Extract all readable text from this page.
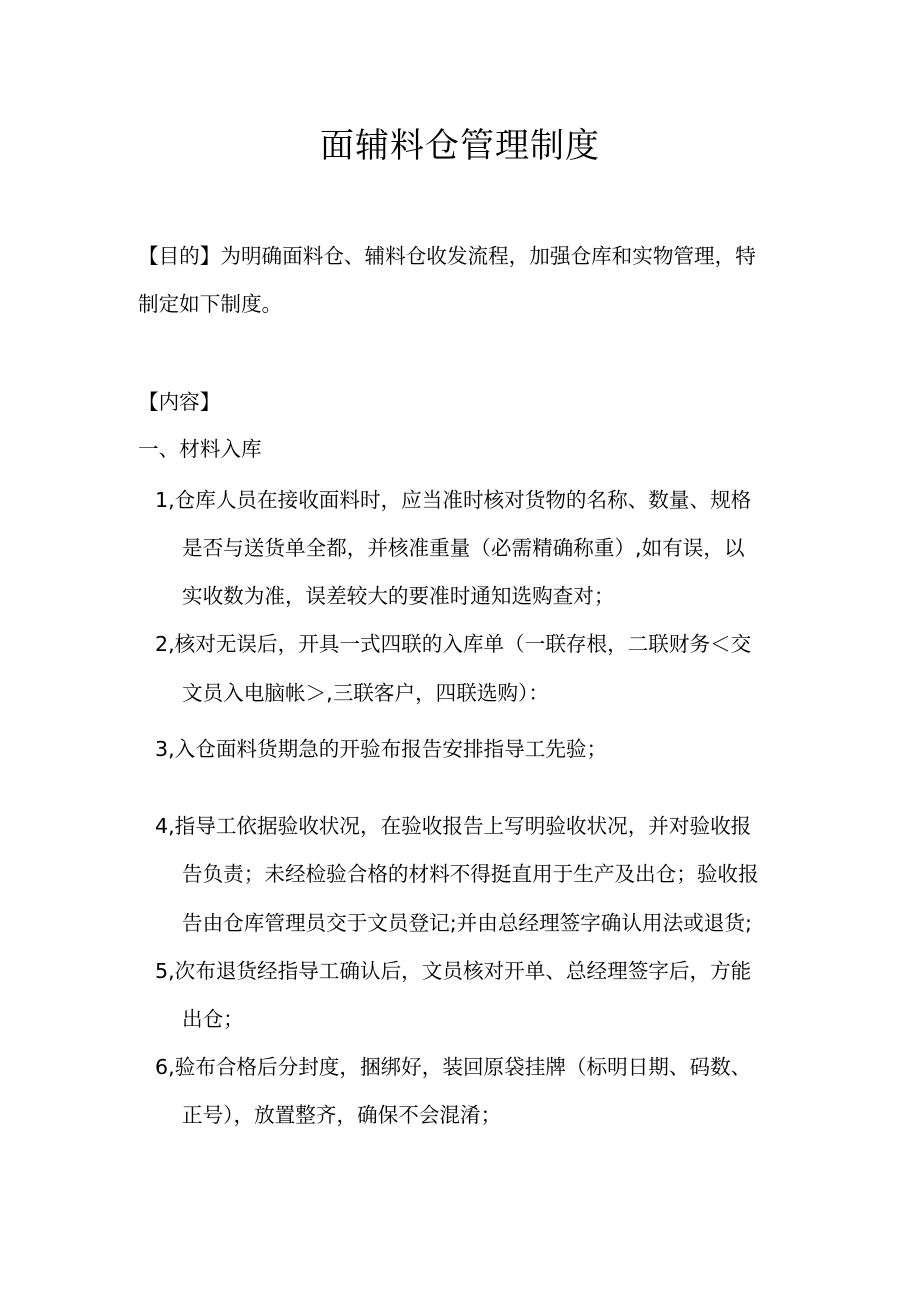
面辅料仓管理制度

【目的】为明确面料仓、辅料仓收发流程，加强仓库和实物管理，特

制定如下制度。

【内容】

一、材料入库

1,仓库人员在接收面料时，应当准时核对货物的名称、数量、规格

是否与送货单全都，并核准重量（必需精确称重）,如有误，以

实收数为准，误差较大的要准时通知选购查对；

2,核对无误后，开具一式四联的入库单（一联存根，二联财务＜交

文员入电脑帐＞,三联客户，四联选购）：

3,入仓面料货期急的开验布报告安排指导工先验；

4,指导工依据验收状况，在验收报告上写明验收状况，并对验收报

告负责；未经检验合格的材料不得挺直用于生产及出仓；验收报

告由仓库管理员交于文员登记;并由总经理签字确认用法或退货;

5,次布退货经指导工确认后，文员核对开单、总经理签字后，方能

出仓；

6,验布合格后分封度，捆绑好，装回原袋挂牌（标明日期、码数、

正号），放置整齐，确保不会混淆；
